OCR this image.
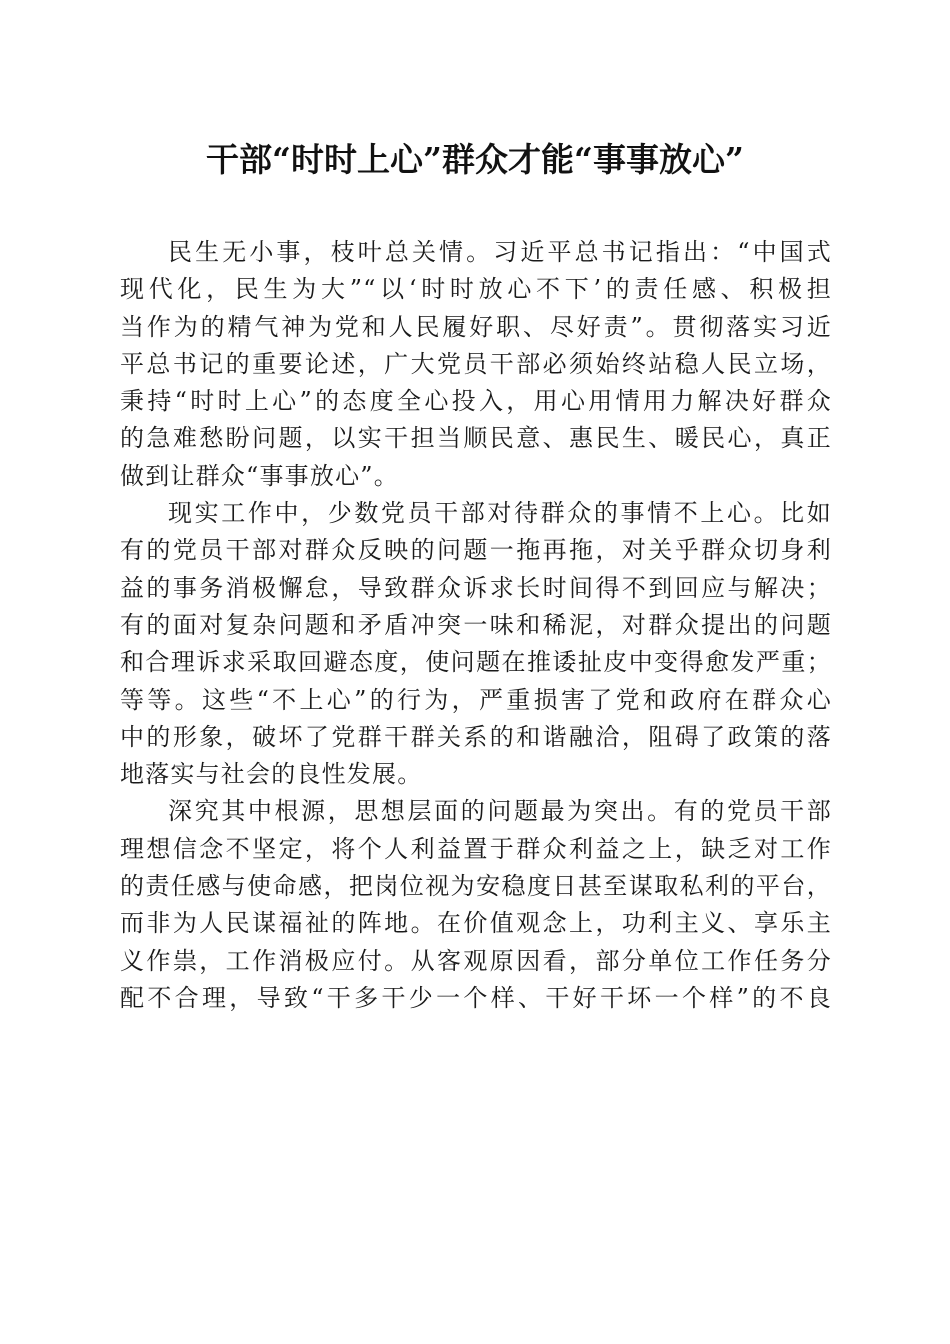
干部“时时上心”群众才能“事事放心”
民生无小事，枝叶总关情。习近平总书记指出：“中国式
现代化，民生为大”“以‘时时放心不下’的责任感、积极担
当作为的精气神为党和人民履好职、尽好责”。贯彻落实习近
平总书记的重要论述，广大党员干部必须始终站稳人民立场，
秉持“时时上心”的态度全心投入，用心用情用力解决好群众
的急难愁盼问题，以实干担当顺民意、惠民生、暖民心，真正
做到让群众“事事放心”。
现实工作中，少数党员干部对待群众的事情不上心。比如
有的党员干部对群众反映的问题一拖再拖，对关乎群众切身利
益的事务消极懈怠，导致群众诉求长时间得不到回应与解决；
有的面对复杂问题和矛盾冲突一味和稀泥，对群众提出的问题
和合理诉求采取回避态度，使问题在推诿扯皮中变得愈发严重；
等等。这些“不上心”的行为，严重损害了党和政府在群众心
中的形象，破坏了党群干群关系的和谐融洽，阻碍了政策的落
地落实与社会的良性发展。
深究其中根源，思想层面的问题最为突出。有的党员干部
理想信念不坚定，将个人利益置于群众利益之上，缺乏对工作
的责任感与使命感，把岗位视为安稳度日甚至谋取私利的平台，
而非为人民谋福祉的阵地。在价值观念上，功利主义、享乐主
义作祟，工作消极应付。从客观原因看，部分单位工作任务分
配不合理，导致“干多干少一个样、干好干坏一个样”的不良
